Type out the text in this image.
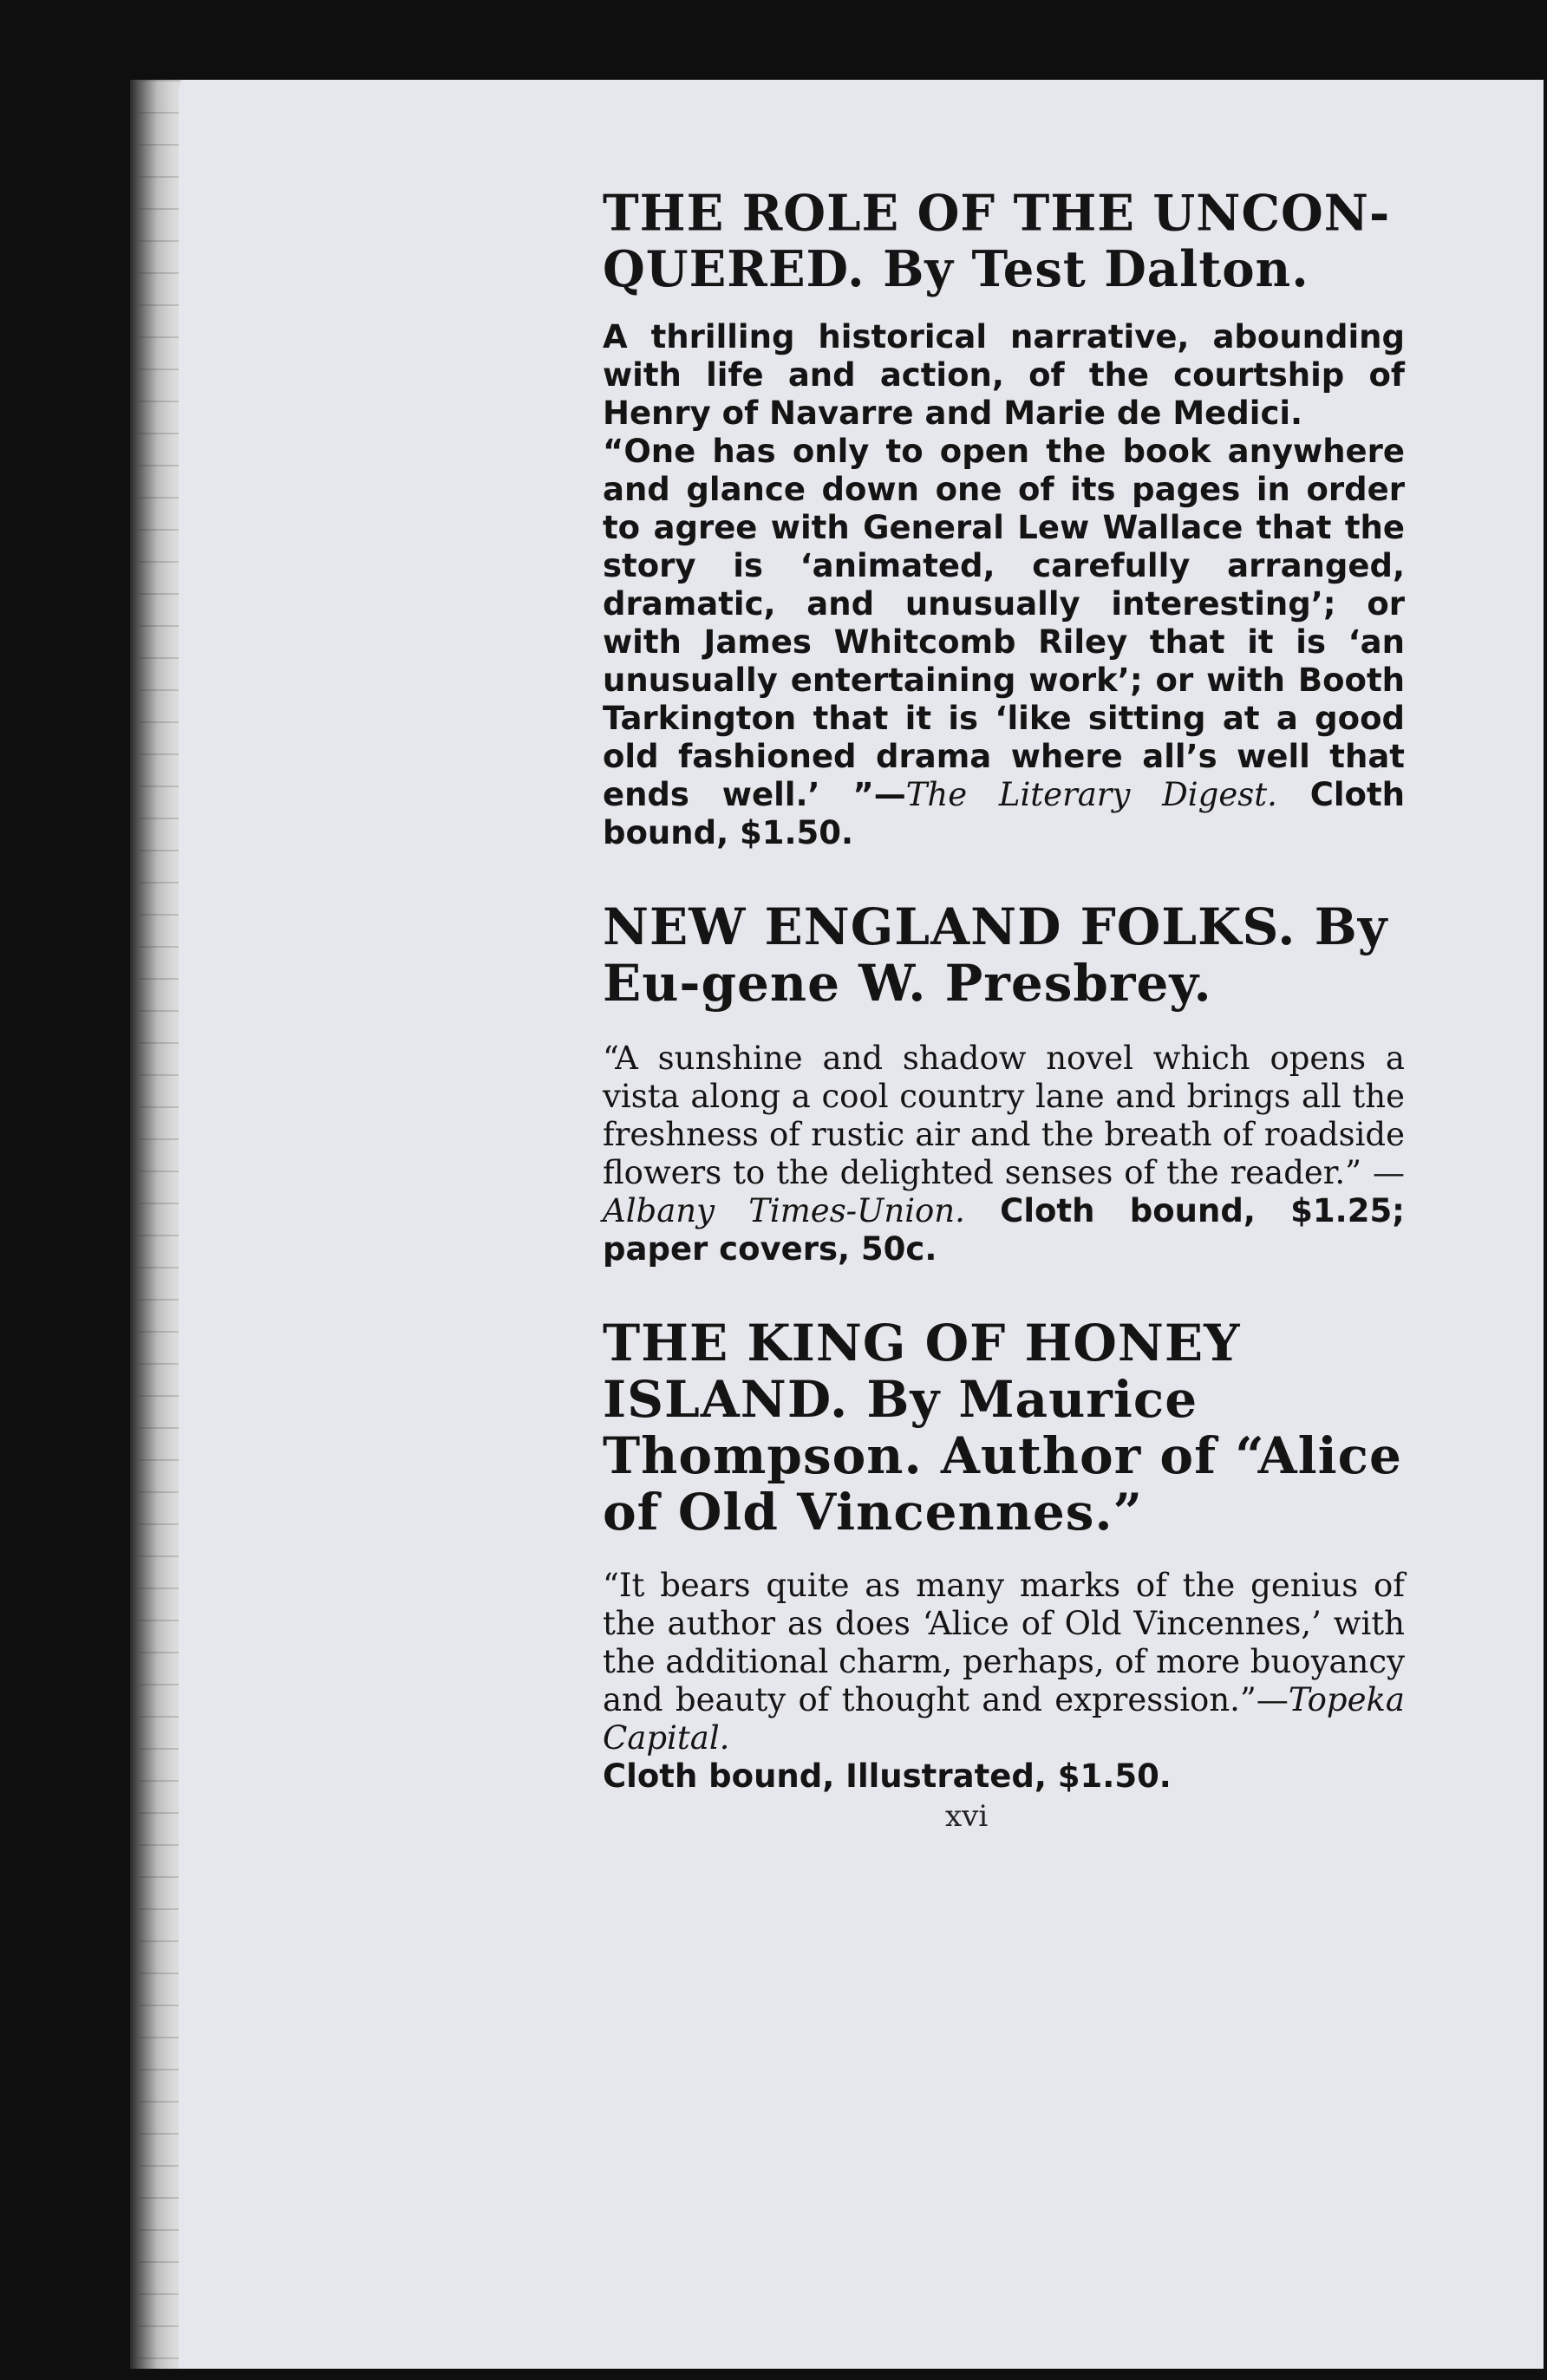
THE ROLE OF THE UNCON-QUERED. By Test Dalton.

A thrilling historical narrative, abounding with life and action, of the courtship of Henry of Navarre and Marie de Medici.

“One has only to open the book anywhere and glance down one of its pages in order to agree with General Lew Wallace that the story is ‘animated, carefully arranged, dramatic, and unusually interesting’; or with James Whitcomb Riley that it is ‘an unusually entertaining work’; or with Booth Tarkington that it is ‘like sitting at a good old fashioned drama where all’s well that ends well.’ ”—The Literary Digest. Cloth bound, $1.50.

NEW ENGLAND FOLKS. By Eu-gene W. Presbrey.

“A sunshine and shadow novel which opens a vista along a cool country lane and brings all the freshness of rustic air and the breath of roadside flowers to the delighted senses of the reader.” — Albany Times-Union. Cloth bound, $1.25; paper covers, 50c.

THE KING OF HONEY ISLAND. By Maurice Thompson. Author of “Alice of Old Vincennes.”

“It bears quite as many marks of the genius of the author as does ‘Alice of Old Vincennes,’ with the additional charm, perhaps, of more buoyancy and beauty of thought and expression.”—Topeka Capital.
Cloth bound, Illustrated, $1.50.

xvi
